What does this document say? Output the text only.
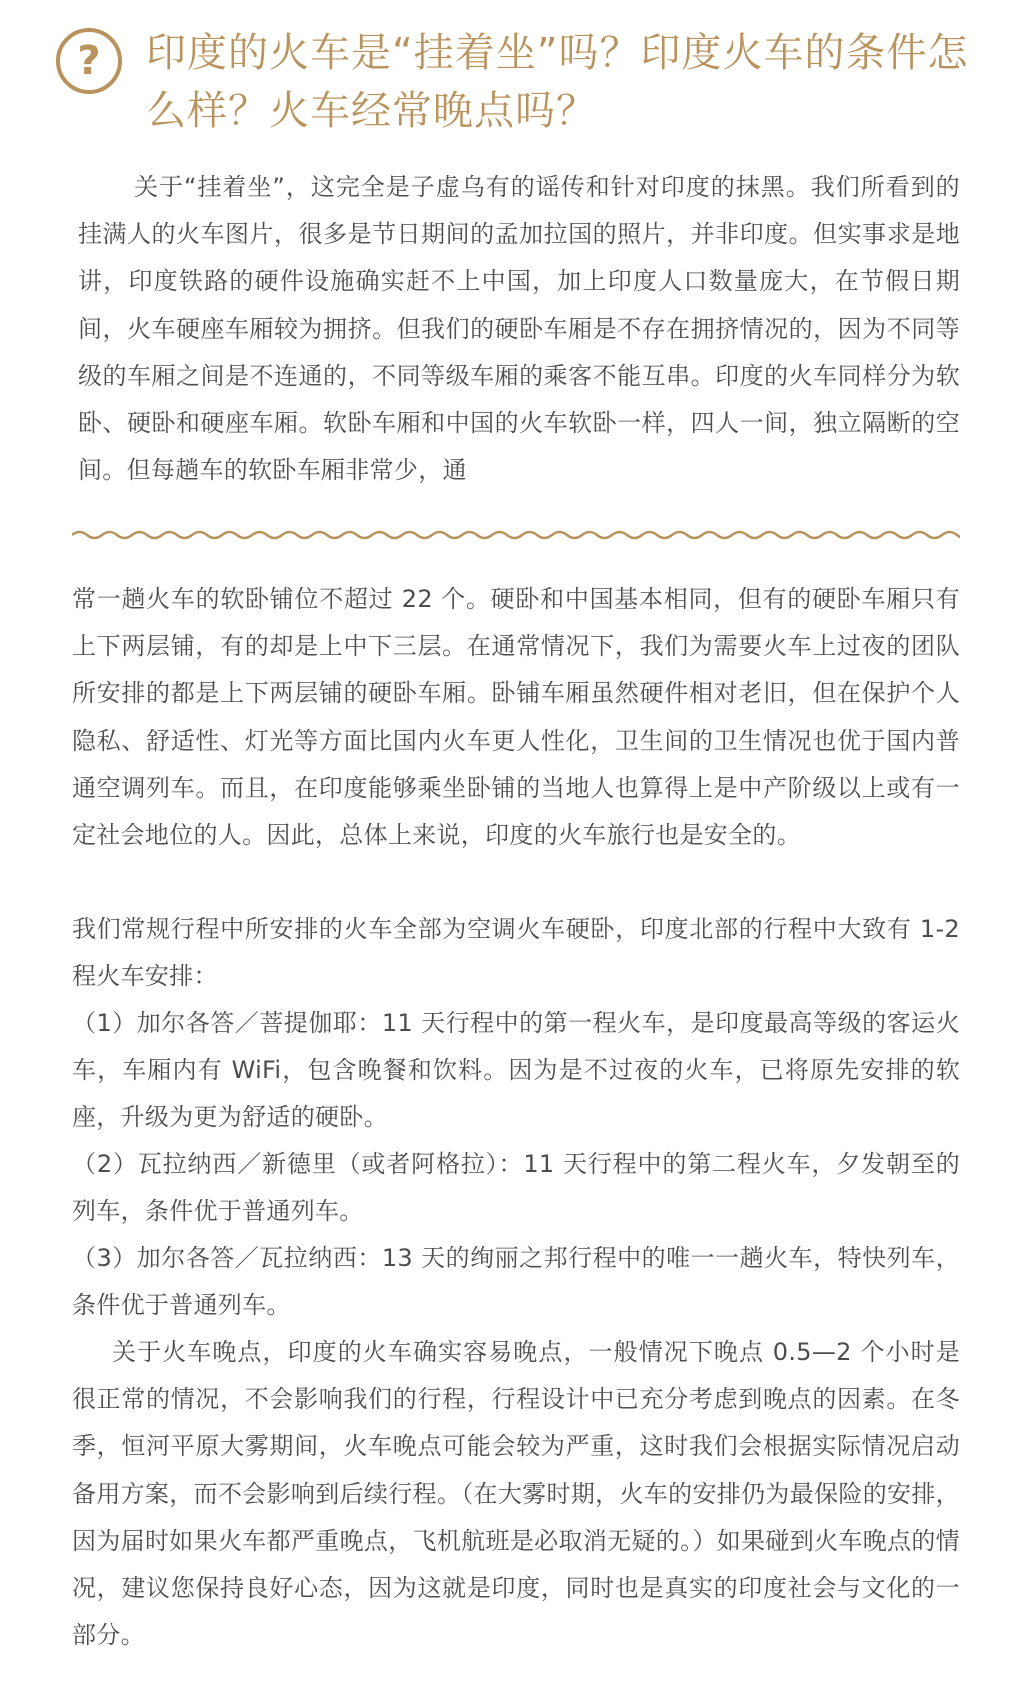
?	印度的火车是“挂着坐”吗？印度火车的条件怎么样？火车经常晚点吗？

关于“挂着坐”，这完全是子虚乌有的谣传和针对印度的抹黑。我们所看到的挂满人的火车图片，很多是节日期间的孟加拉国的照片，并非印度。但实事求是地讲，印度铁路的硬件设施确实赶不上中国，加上印度人口数量庞大，在节假日期间，火车硬座车厢较为拥挤。但我们的硬卧车厢是不存在拥挤情况的，因为不同等级的车厢之间是不连通的，不同等级车厢的乘客不能互串。印度的火车同样分为软卧、硬卧和硬座车厢。软卧车厢和中国的火车软卧一样，四人一间，独立隔断的空间。但每趟车的软卧车厢非常少，通

常一趟火车的软卧铺位不超过 22 个。硬卧和中国基本相同，但有的硬卧车厢只有上下两层铺，有的却是上中下三层。在通常情况下，我们为需要火车上过夜的团队所安排的都是上下两层铺的硬卧车厢。卧铺车厢虽然硬件相对老旧，但在保护个人隐私、舒适性、灯光等方面比国内火车更人性化，卫生间的卫生情况也优于国内普通空调列车。而且，在印度能够乘坐卧铺的当地人也算得上是中产阶级以上或有一定社会地位的人。因此，总体上来说，印度的火车旅行也是安全的。

我们常规行程中所安排的火车全部为空调火车硬卧，印度北部的行程中大致有 1-2 程火车安排：

（1）加尔各答／菩提伽耶：11 天行程中的第一程火车，是印度最高等级的客运火车，车厢内有 WiFi，包含晚餐和饮料。因为是不过夜的火车，已将原先安排的软座，升级为更为舒适的硬卧。

（2）瓦拉纳西／新德里（或者阿格拉）：11 天行程中的第二程火车，夕发朝至的列车，条件优于普通列车。

（3）加尔各答／瓦拉纳西：13 天的绚丽之邦行程中的唯一一趟火车，特快列车，条件优于普通列车。

关于火车晚点，印度的火车确实容易晚点，一般情况下晚点 0.5—2 个小时是很正常的情况，不会影响我们的行程，行程设计中已充分考虑到晚点的因素。在冬季，恒河平原大雾期间，火车晚点可能会较为严重，这时我们会根据实际情况启动备用方案，而不会影响到后续行程。（在大雾时期，火车的安排仍为最保险的安排，因为届时如果火车都严重晚点，飞机航班是必取消无疑的。）如果碰到火车晚点的情况，建议您保持良好心态，因为这就是印度，同时也是真实的印度社会与文化的一部分。
